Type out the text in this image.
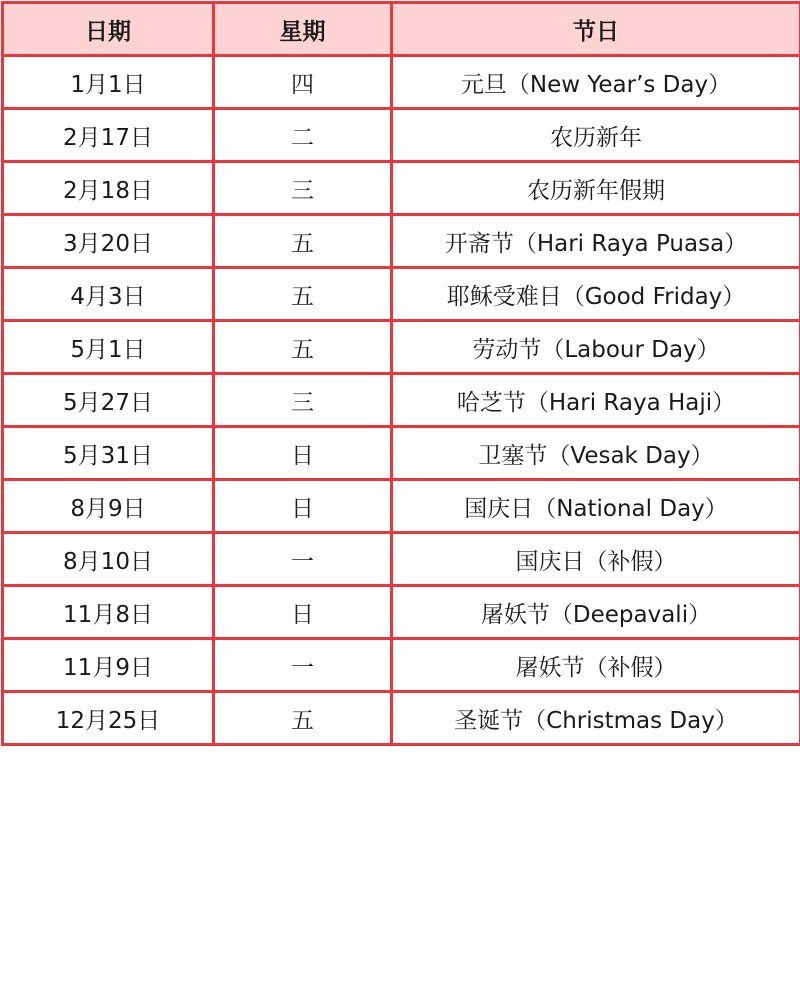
日期	星期	节日
1月1日	四	元旦（New Year’s Day）
2月17日	二	农历新年
2月18日	三	农历新年假期
3月20日	五	开斋节（Hari Raya Puasa）
4月3日	五	耶稣受难日（Good Friday）
5月1日	五	劳动节（Labour Day）
5月27日	三	哈芝节（Hari Raya Haji）
5月31日	日	卫塞节（Vesak Day）
8月9日	日	国庆日（National Day）
8月10日	一	国庆日（补假）
11月8日	日	屠妖节（Deepavali）
11月9日	一	屠妖节（补假）
12月25日	五	圣诞节（Christmas Day）
